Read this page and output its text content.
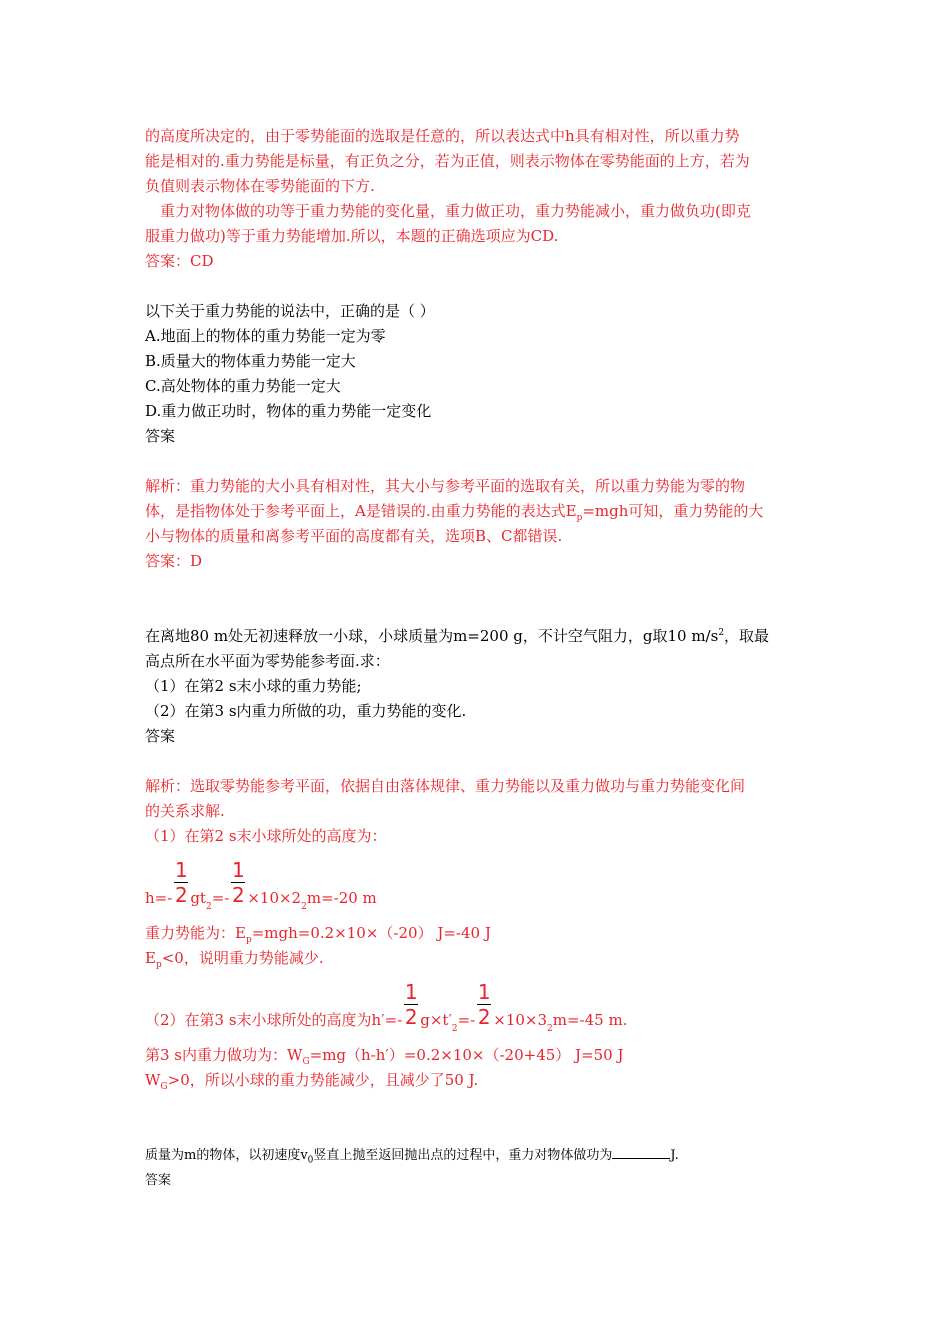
的高度所决定的，由于零势能面的选取是任意的，所以表达式中h具有相对性，所以重力势
能是相对的.重力势能是标量，有正负之分，若为正值，则表示物体在零势能面的上方，若为
负值则表示物体在零势能面的下方.
重力对物体做的功等于重力势能的变化量，重力做正功，重力势能减小，重力做负功(即克
服重力做功)等于重力势能增加.所以，本题的正确选项应为CD.
答案：CD
以下关于重力势能的说法中，正确的是（ ）
A.地面上的物体的重力势能一定为零
B.质量大的物体重力势能一定大
C.高处物体的重力势能一定大
D.重力做正功时，物体的重力势能一定变化
答案
解析：重力势能的大小具有相对性，其大小与参考平面的选取有关，所以重力势能为零的物
体，是指物体处于参考平面上，A是错误的.由重力势能的表达式$E_p=mgh$可知，重力势能的大
小与物体的质量和离参考平面的高度都有关，选项B、C都错误.
答案：D
在离地80 m处无初速释放一小球，小球质量为m=200 g，不计空气阻力，g取10 $m/s^2$，取最
高点所在水平面为零势能参考面.求：
（1）在第2 s末小球的重力势能;
（2）在第3 s内重力所做的功，重力势能的变化.
答案
解析：选取零势能参考平面，依据自由落体规律、重力势能以及重力做功与重力势能变化间
的关系求解.
（1）在第2 s末小球所处的高度为：
$h=- \frac{1}{2}$ gt $2 =- \frac{1}{2} \times 10\times 2$ 2 m=-20 m
重力势能为：$E_p=mgh=0.2\times 10\times(-20)$ J=-40 J
$E_p<0$，说明重力势能减少.
（2）在第3 s末小球所处的高度为$h'=- \frac{1}{2} g\times t'$ $2 =- \frac{1}{2} \times 10\times 3$ 2 m=-45 m.
第3 s内重力做功为：$W_G=mg(h-h')=0.2\times 10\times(-20+45)$ J=50 J
$W_G>0$，所以小球的重力势能减少，且减少了50 J.
质量为m的物体，以初速度$v_0$竖直上抛至返回抛出点的过程中，重力对物体做功为	J.
答案
